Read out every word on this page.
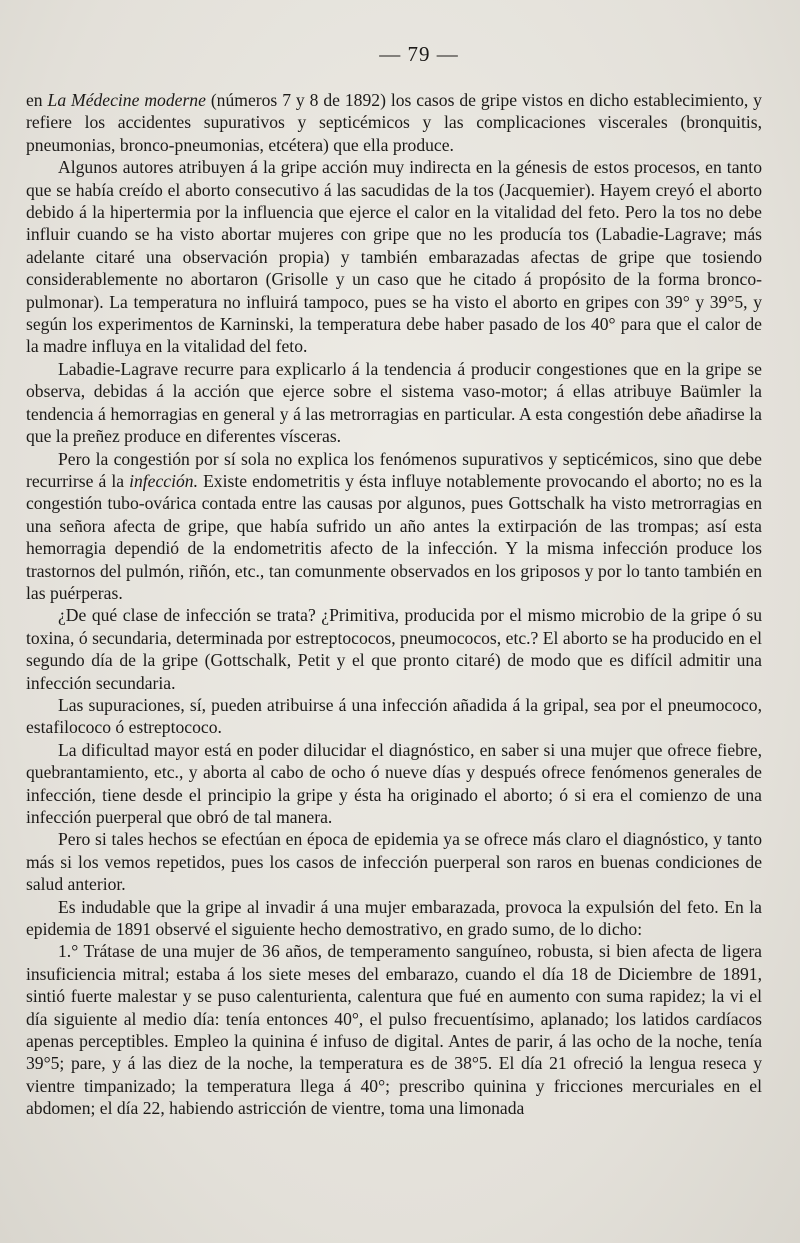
— 79 —

en La Médecine moderne (números 7 y 8 de 1892) los casos de gripe vistos en dicho establecimiento, y refiere los accidentes supurativos y septicémicos y las complicaciones viscerales (bronquitis, pneumonias, bronco-pneumonias, etcétera) que ella produce.

Algunos autores atribuyen á la gripe acción muy indirecta en la génesis de estos procesos, en tanto que se había creído el aborto consecutivo á las sacudidas de la tos (Jacquemier). Hayem creyó el aborto debido á la hipertermia por la influencia que ejerce el calor en la vitalidad del feto. Pero la tos no debe influir cuando se ha visto abortar mujeres con gripe que no les producía tos (Labadie-Lagrave; más adelante citaré una observación propia) y también embarazadas afectas de gripe que tosiendo considerablemente no abortaron (Grisolle y un caso que he citado á propósito de la forma bronco-pulmonar). La temperatura no influirá tampoco, pues se ha visto el aborto en gripes con 39° y 39°5, y según los experimentos de Karninski, la temperatura debe haber pasado de los 40° para que el calor de la madre influya en la vitalidad del feto.

Labadie-Lagrave recurre para explicarlo á la tendencia á producir congestiones que en la gripe se observa, debidas á la acción que ejerce sobre el sistema vaso-motor; á ellas atribuye Baümler la tendencia á hemorragias en general y á las metrorragias en particular. A esta congestión debe añadirse la que la preñez produce en diferentes vísceras.

Pero la congestión por sí sola no explica los fenómenos supurativos y septicémicos, sino que debe recurrirse á la infección. Existe endometritis y ésta influye notablemente provocando el aborto; no es la congestión tubo-ovárica contada entre las causas por algunos, pues Gottschalk ha visto metrorragias en una señora afecta de gripe, que había sufrido un año antes la extirpación de las trompas; así esta hemorragia dependió de la endometritis afecto de la infección. Y la misma infección produce los trastornos del pulmón, riñón, etc., tan comunmente observados en los griposos y por lo tanto también en las puérperas.

¿De qué clase de infección se trata? ¿Primitiva, producida por el mismo microbio de la gripe ó su toxina, ó secundaria, determinada por estreptococos, pneumococos, etc.? El aborto se ha producido en el segundo día de la gripe (Gottschalk, Petit y el que pronto citaré) de modo que es difícil admitir una infección secundaria.

Las supuraciones, sí, pueden atribuirse á una infección añadida á la gripal, sea por el pneumococo, estafilococo ó estreptococo.

La dificultad mayor está en poder dilucidar el diagnóstico, en saber si una mujer que ofrece fiebre, quebrantamiento, etc., y aborta al cabo de ocho ó nueve días y después ofrece fenómenos generales de infección, tiene desde el principio la gripe y ésta ha originado el aborto; ó si era el comienzo de una infección puerperal que obró de tal manera.

Pero si tales hechos se efectúan en época de epidemia ya se ofrece más claro el diagnóstico, y tanto más si los vemos repetidos, pues los casos de infección puerperal son raros en buenas condiciones de salud anterior.

Es indudable que la gripe al invadir á una mujer embarazada, provoca la expulsión del feto. En la epidemia de 1891 observé el siguiente hecho demostrativo, en grado sumo, de lo dicho:

1.° Trátase de una mujer de 36 años, de temperamento sanguíneo, robusta, si bien afecta de ligera insuficiencia mitral; estaba á los siete meses del embarazo, cuando el día 18 de Diciembre de 1891, sintió fuerte malestar y se puso calenturienta, calentura que fué en aumento con suma rapidez; la vi el día siguiente al medio día: tenía entonces 40°, el pulso frecuentísimo, aplanado; los latidos cardíacos apenas perceptibles. Empleo la quinina é infuso de digital. Antes de parir, á las ocho de la noche, tenía 39°5; pare, y á las diez de la noche, la temperatura es de 38°5. El día 21 ofreció la lengua reseca y vientre timpanizado; la temperatura llega á 40°; prescribo quinina y fricciones mercuriales en el abdomen; el día 22, habiendo astricción de vientre, toma una limonada
